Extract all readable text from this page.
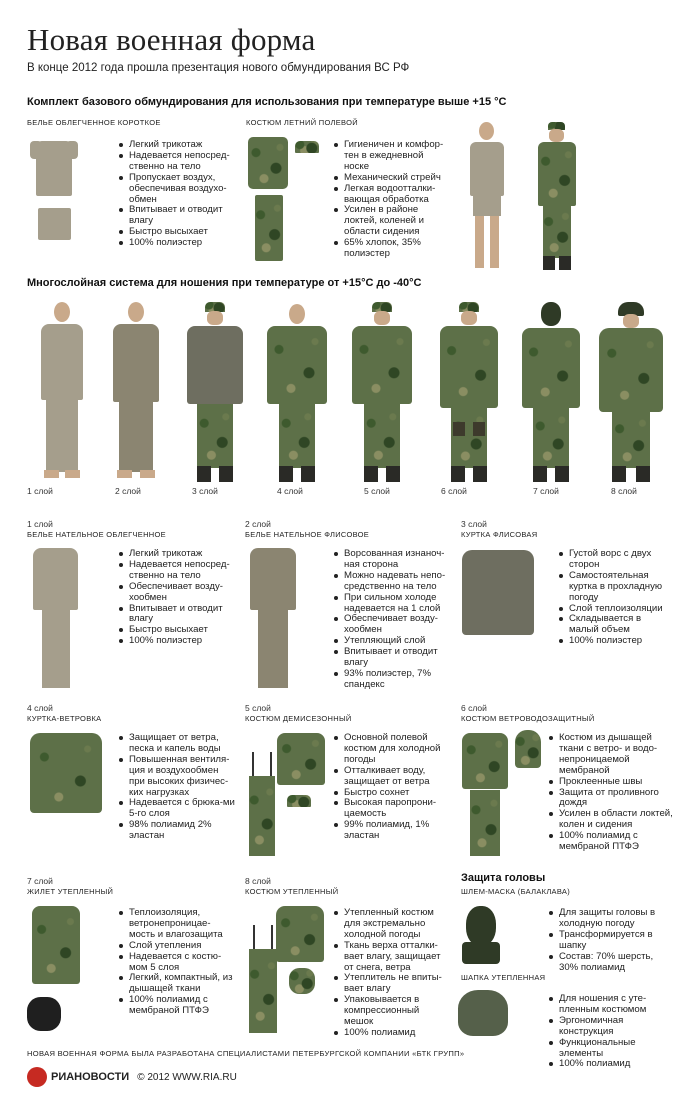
Новая военная форма
В конце 2012 года прошла презентация нового обмундирования ВС РФ
Комплект базового обмундирования для использования при температуре выше +15 °С
БЕЛЬЕ ОБЛЕГЧЕННОЕ КОРОТКОЕ
Легкий трикотаж
Надевается непосред-ственно на тело
Пропускает воздух, обеспечивая воздухо-обмен
Впитывает и отводит влагу
Быстро высыхает
100% полиэстер
КОСТЮМ ЛЕТНИЙ ПОЛЕВОЙ
Гигиеничен и комфор-тен в ежедневной носке
Механический стрейч
Легкая водоотталки-вающая обработка
Усилен в районе локтей, коленей и области сидения
65% хлопок, 35% полиэстер
Многослойная система для ношения при температуре от +15°С до -40°С
1 слой	2 слой	3 слой	4 слой	5 слой	6 слой	7 слой	8 слой
1 слой
БЕЛЬЕ НАТЕЛЬНОЕ ОБЛЕГЧЕННОЕ
Легкий трикотаж
Надевается непосред-ственно на тело
Обеспечивает возду-хообмен
Впитывает и отводит влагу
Быстро высыхает
100% полиэстер
2 слой
БЕЛЬЕ НАТЕЛЬНОЕ ФЛИСОВОЕ
Ворсованная изнаноч-ная сторона
Можно надевать непо-средственно на тело
При сильном холоде надевается на 1 слой
Обеспечивает возду-хообмен
Утепляющий слой
Впитывает и отводит влагу
93% полиэстер, 7% спандекс
3 слой
КУРТКА ФЛИСОВАЯ
Густой ворс с двух сторон
Самостоятельная куртка в прохладную погоду
Слой теплоизоляции
Складывается в малый объем
100% полиэстер
4 слой
КУРТКА-ВЕТРОВКА
Защищает от ветра, песка и капель воды
Повышенная вентиля-ция и воздухообмен при высоких физичес-ких нагрузках
Надевается с брюка-ми 5-го слоя
98% полиамид 2% эластан
5 слой
КОСТЮМ ДЕМИСЕЗОННЫЙ
Основной полевой костюм для холодной погоды
Отталкивает воду, защищает от ветра
Быстро сохнет
Высокая паропрони-цаемость
99% полиамид, 1% эластан
6 слой
КОСТЮМ ВЕТРОВОДОЗАЩИТНЫЙ
Костюм из дышащей ткани с ветро- и водо-непроницаемой мембраной
Проклеенные швы
Защита от проливного дождя
Усилен в области локтей, колен и сидения
100% полиамид с мембраной ПТФЭ
7 слой
ЖИЛЕТ УТЕПЛЕННЫЙ
Теплоизоляция, ветронепроницае-мость и влагозащита
Слой утепления
Надевается с костю-мом 5 слоя
Легкий, компактный, из дышащей ткани
100% полиамид с мембраной ПТФЭ
8 слой
КОСТЮМ УТЕПЛЕННЫЙ
Утепленный костюм для экстремально холодной погоды
Ткань верха отталки-вает влагу, защищает от снега, ветра
Утеплитель не впиты-вает влагу
Упаковывается в компрессионный мешок
100% полиамид
Защита головы
ШЛЕМ-МАСКА (БАЛАКЛАВА)
Для защиты головы в холодную погоду
Трансформируется в шапку
Состав: 70% шерсть, 30% полиамид
ШАПКА УТЕПЛЕННАЯ
Для ношения с уте-пленным костюмом
Эргономичная конструкция
Функциональные элементы
100% полиамид
НОВАЯ ВОЕННАЯ ФОРМА БЫЛА РАЗРАБОТАНА СПЕЦИАЛИСТАМИ ПЕТЕРБУРГСКОЙ КОМПАНИИ «БТК ГРУПП»
РИАНОВОСТИ © 2012 WWW.RIA.RU
